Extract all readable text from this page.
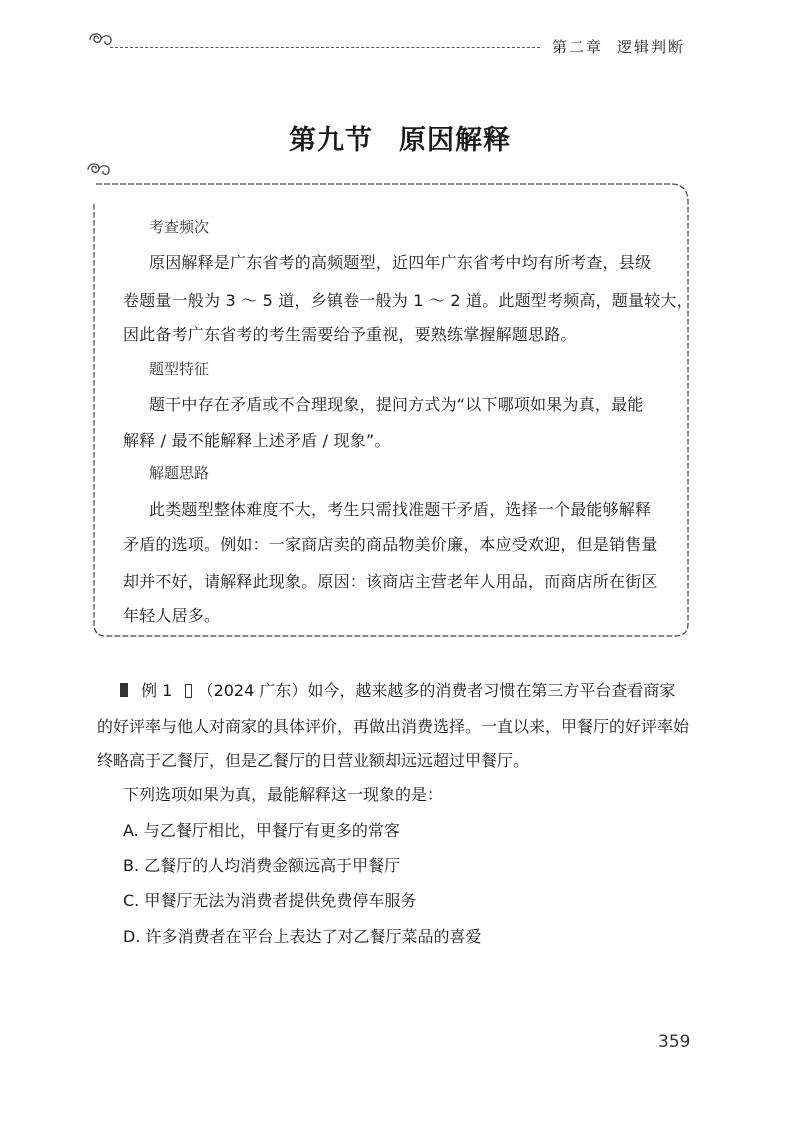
第二章 逻辑判断
第九节 原因解释
考查频次
原因解释是广东省考的高频题型，近四年广东省考中均有所考查，县级
卷题量一般为 3 ～ 5 道，乡镇卷一般为 1 ～ 2 道。此题型考频高，题量较大，
因此备考广东省考的考生需要给予重视，要熟练掌握解题思路。
题型特征
题干中存在矛盾或不合理现象，提问方式为“以下哪项如果为真，最能
解释 / 最不能解释上述矛盾 / 现象”。
解题思路
此类题型整体难度不大，考生只需找准题干矛盾，选择一个最能够解释
矛盾的选项。例如：一家商店卖的商品物美价廉，本应受欢迎，但是销售量
却并不好，请解释此现象。原因：该商店主营老年人用品，而商店所在街区
年轻人居多。
例 1 （2024 广东）如今，越来越多的消费者习惯在第三方平台查看商家
的好评率与他人对商家的具体评价，再做出消费选择。一直以来，甲餐厅的好评率始
终略高于乙餐厅，但是乙餐厅的日营业额却远远超过甲餐厅。
下列选项如果为真，最能解释这一现象的是：
A. 与乙餐厅相比，甲餐厅有更多的常客
B. 乙餐厅的人均消费金额远高于甲餐厅
C. 甲餐厅无法为消费者提供免费停车服务
D. 许多消费者在平台上表达了对乙餐厅菜品的喜爱
359
